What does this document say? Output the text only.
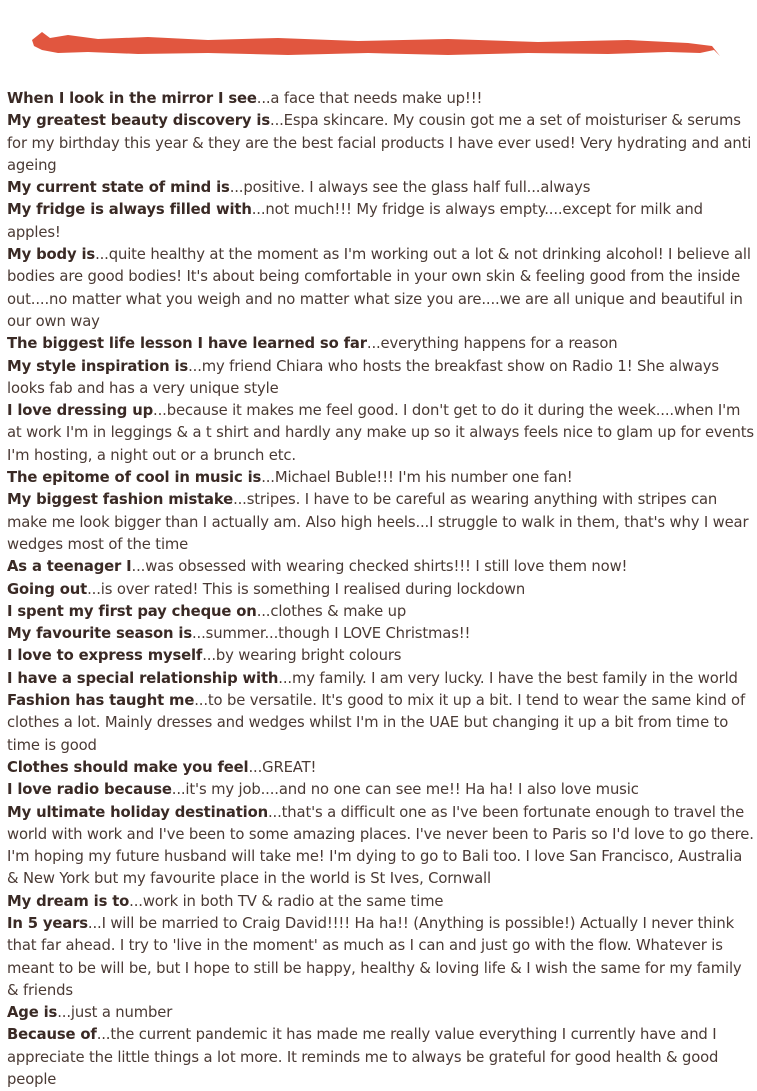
When I look in the mirror I see...a face that needs make up!!!

My greatest beauty discovery is...Espa skincare. My cousin got me a set of moisturiser & serums for my birthday this year & they are the best facial products I have ever used! Very hydrating and anti ageing

My current state of mind is...positive. I always see the glass half full...always

My fridge is always filled with...not much!!! My fridge is always empty....except for milk and apples!

My body is...quite healthy at the moment as I'm working out a lot & not drinking alcohol! I believe all bodies are good bodies! It's about being comfortable in your own skin & feeling good from the inside out....no matter what you weigh and no matter what size you are....we are all unique and beautiful in our own way

The biggest life lesson I have learned so far...everything happens for a reason

My style inspiration is...my friend Chiara who hosts the breakfast show on Radio 1! She always looks fab and has a very unique style

I love dressing up...because it makes me feel good. I don't get to do it during the week....when I'm at work I'm in leggings & a t shirt and hardly any make up so it always feels nice to glam up for events I'm hosting, a night out or a brunch etc.

The epitome of cool in music is...Michael Buble!!! I'm his number one fan!

My biggest fashion mistake...stripes. I have to be careful as wearing anything with stripes can make me look bigger than I actually am. Also high heels...I struggle to walk in them, that's why I wear wedges most of the time

As a teenager I...was obsessed with wearing checked shirts!!! I still love them now!

Going out...is over rated! This is something I realised during lockdown

I spent my first pay cheque on...clothes & make up

My favourite season is...summer...though I LOVE Christmas!!

I love to express myself...by wearing bright colours

I have a special relationship with...my family. I am very lucky. I have the best family in the world

Fashion has taught me...to be versatile. It's good to mix it up a bit. I tend to wear the same kind of clothes a lot. Mainly dresses and wedges whilst I'm in the UAE but changing it up a bit from time to time is good

Clothes should make you feel...GREAT!

I love radio because...it's my job....and no one can see me!! Ha ha! I also love music

My ultimate holiday destination...that's a difficult one as I've been fortunate enough to travel the world with work and I've been to some amazing places. I've never been to Paris so I'd love to go there. I'm hoping my future husband will take me! I'm dying to go to Bali too. I love San Francisco, Australia & New York but my favourite place in the world is St Ives, Cornwall

My dream is to...work in both TV & radio at the same time

In 5 years...I will be married to Craig David!!!! Ha ha!! (Anything is possible!) Actually I never think that far ahead. I try to 'live in the moment' as much as I can and just go with the flow. Whatever is meant to be will be, but I hope to still be happy, healthy & loving life & I wish the same for my family & friends

Age is...just a number

Because of...the current pandemic it has made me really value everything I currently have and I appreciate the little things a lot more. It reminds me to always be grateful for good health & good people
